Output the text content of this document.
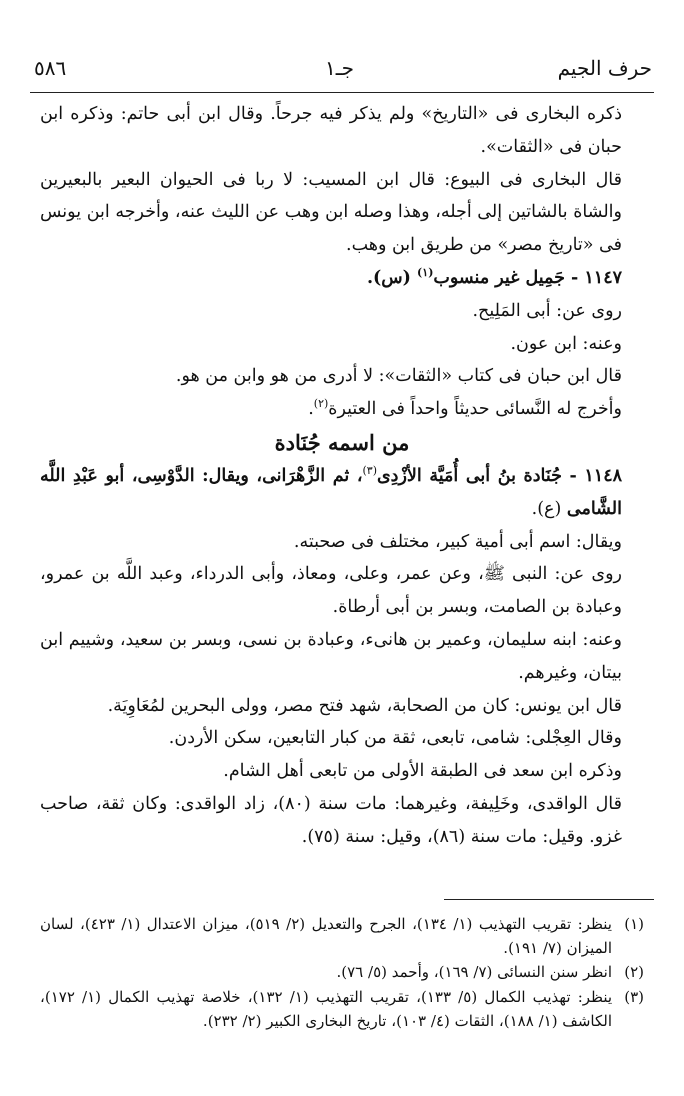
٥٨٦	جـ١	حرف الجيم

ذكره البخارى فى «التاريخ» ولم يذكر فيه جرحاً. وقال ابن أبى حاتم: وذكره ابن حبان فى «الثقات».

قال البخارى فى البيوع: قال ابن المسيب: لا ربا فى الحيوان البعير بالبعيرين والشاة بالشاتين إلى أجله، وهذا وصله ابن وهب عن الليث عنه، وأخرجه ابن يونس فى «تاريخ مصر» من طريق ابن وهب.

١١٤٧ - جَمِيل غير منسوب$^{(١)}$ (س).

روى عن: أبى المَلِيح.

وعنه: ابن عون.

قال ابن حبان فى كتاب «الثقات»: لا أدرى من هو وابن من هو.

وأخرج له النَّسائى حديثاً واحداً فى العتيرة$^{(٢)}$.

من اسمه جُنَادة

١١٤٨ - جُنَادة بنُ أبى أُمَيَّة الأزْدِى$^{(٣)}$، ثم الزَّهْرَانى، ويقال: الدَّوْسِى، أبو عَبْدِ اللَّه الشَّامى (ع).

ويقال: اسم أبى أمية كبير، مختلف فى صحبته.

روى عن: النبى ﷺ، وعن عمر، وعلى، ومعاذ، وأبى الدرداء، وعبد اللَّه بن عمرو، وعبادة بن الصامت، وبسر بن أبى أرطاة.

وعنه: ابنه سليمان، وعمير بن هانىء، وعبادة بن نسى، وبسر بن سعيد، وشييم ابن بيتان، وغيرهم.

قال ابن يونس: كان من الصحابة، شهد فتح مصر، وولى البحرين لمُعَاوِيَة.

وقال العِجْلى: شامى، تابعى، ثقة من كبار التابعين، سكن الأردن.

وذكره ابن سعد فى الطبقة الأولى من تابعى أهل الشام.

قال الواقدى، وخَلِيفة، وغيرهما: مات سنة (٨٠)، زاد الواقدى: وكان ثقة، صاحب غزو. وقيل: مات سنة (٨٦)، وقيل: سنة (٧٥).

(١)
ينظر: تقريب التهذيب (١/ ١٣٤)، الجرح والتعديل (٢/ ٥١٩)، ميزان الاعتدال (١/ ٤٢٣)، لسان الميزان (٧/ ١٩١).

(٢)
انظر سنن النسائى (٧/ ١٦٩)، وأحمد (٥/ ٧٦).

(٣)
ينظر: تهذيب الكمال (٥/ ١٣٣)، تقريب التهذيب (١/ ١٣٢)، خلاصة تهذيب الكمال (١/ ١٧٢)، الكاشف (١/ ١٨٨)، الثقات (٤/ ١٠٣)، تاريخ البخارى الكبير (٢/ ٢٣٢).
